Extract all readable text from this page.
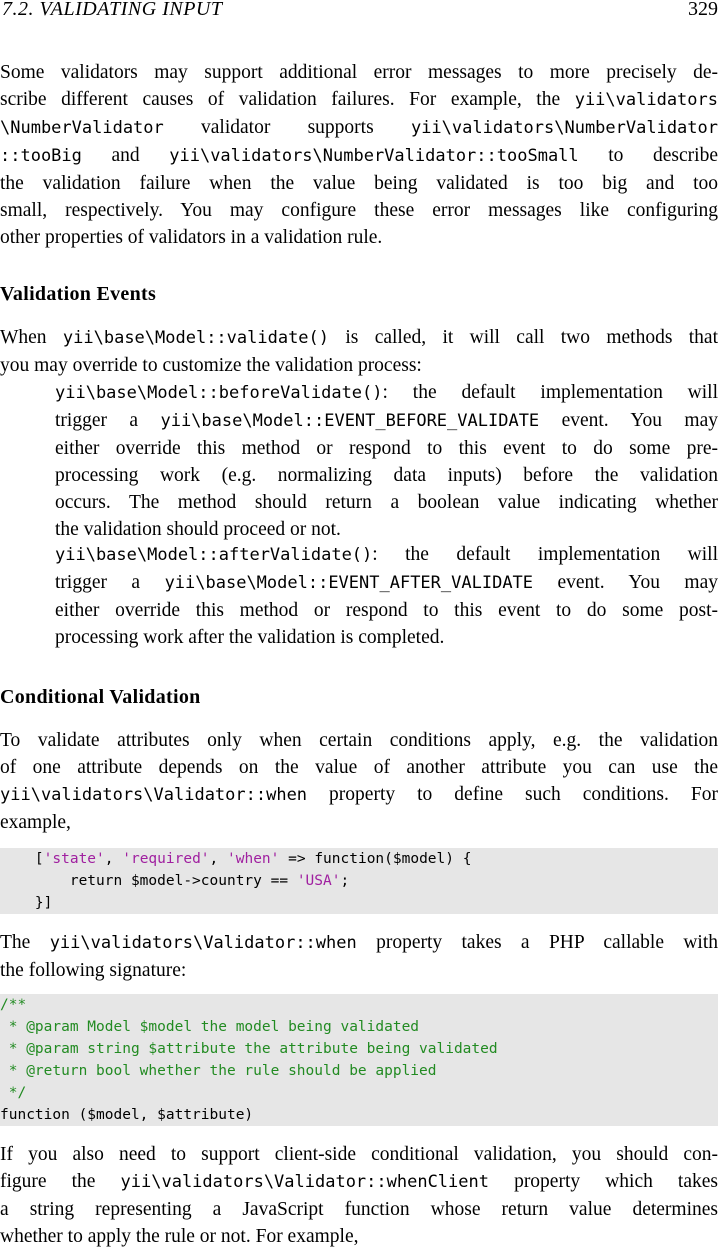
7.2. VALIDATING INPUT	329
Some validators may support additional error messages to more precisely de-
scribe different causes of validation failures. For example, the yii\validators
\NumberValidator validator supports yii\validators\NumberValidator
::tooBig and yii\validators\NumberValidator::tooSmall to describe
the validation failure when the value being validated is too big and too
small, respectively. You may configure these error messages like configuring
other properties of validators in a validation rule.
Validation Events
When yii\base\Model::validate() is called, it will call two methods that
you may override to customize the validation process:
yii\base\Model::beforeValidate(): the default implementation will
trigger a yii\base\Model::EVENT_BEFORE_VALIDATE event. You may
either override this method or respond to this event to do some pre-
processing work (e.g. normalizing data inputs) before the validation
occurs. The method should return a boolean value indicating whether
the validation should proceed or not.
yii\base\Model::afterValidate(): the default implementation will
trigger a yii\base\Model::EVENT_AFTER_VALIDATE event. You may
either override this method or respond to this event to do some post-
processing work after the validation is completed.
Conditional Validation
To validate attributes only when certain conditions apply, e.g. the validation
of one attribute depends on the value of another attribute you can use the
yii\validators\Validator::when property to define such conditions. For
example,
['state', 'required', 'when' => function($model) {
return $model->country == 'USA';
}]
The yii\validators\Validator::when property takes a PHP callable with
the following signature:
/**
* @param Model $model the model being validated
* @param string $attribute the attribute being validated
* @return bool whether the rule should be applied
*/
function ($model, $attribute)
If you also need to support client-side conditional validation, you should con-
figure the yii\validators\Validator::whenClient property which takes
a string representing a JavaScript function whose return value determines
whether to apply the rule or not. For example,
